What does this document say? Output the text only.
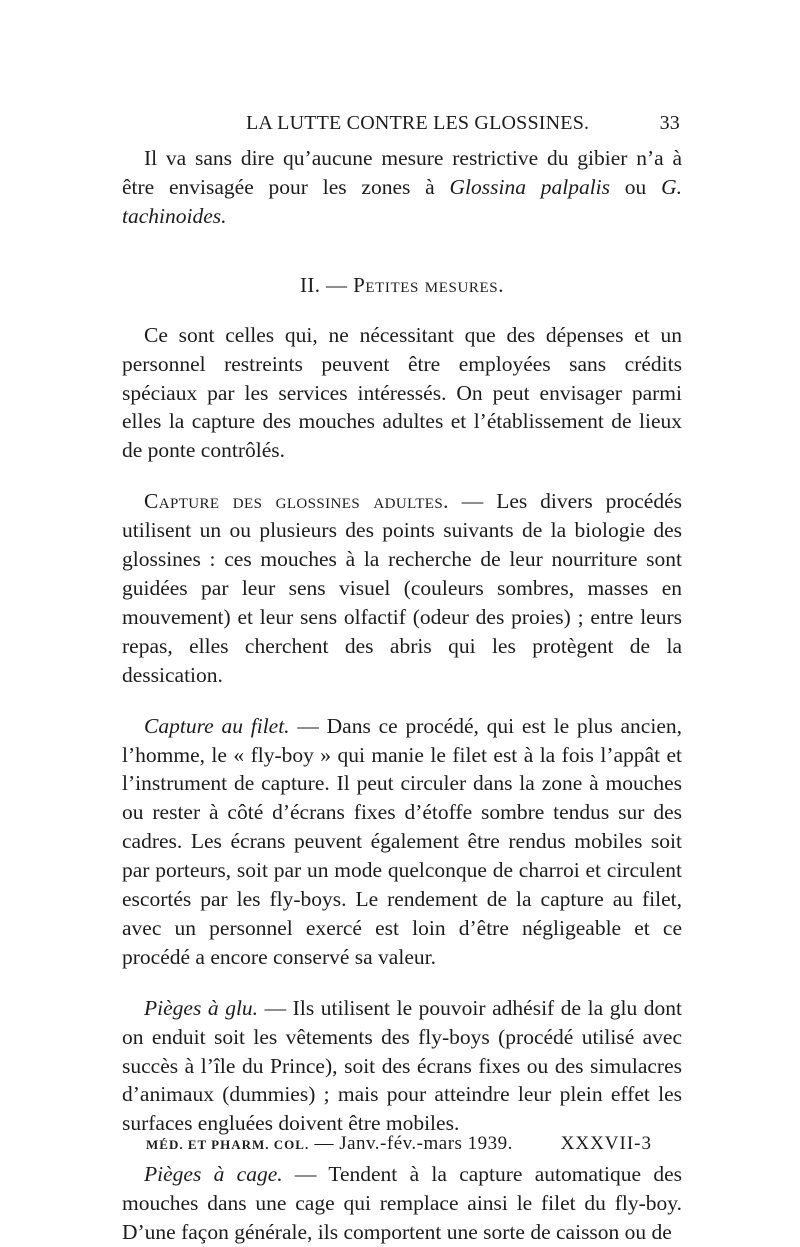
LA LUTTE CONTRE LES GLOSSINES.	33

Il va sans dire qu’aucune mesure restrictive du gibier n’a à être envisagée pour les zones à Glossina palpalis ou G. tachinoides.

II. — Petites mesures.

Ce sont celles qui, ne nécessitant que des dépenses et un personnel restreints peuvent être employées sans crédits spéciaux par les services intéressés. On peut envisager parmi elles la capture des mouches adultes et l’établissement de lieux de ponte contrôlés.

Capture des glossines adultes. — Les divers procédés utilisent un ou plusieurs des points suivants de la biologie des glossines : ces mouches à la recherche de leur nourriture sont guidées par leur sens visuel (couleurs sombres, masses en mouvement) et leur sens olfactif (odeur des proies) ; entre leurs repas, elles cherchent des abris qui les protègent de la dessication.

Capture au filet. — Dans ce procédé, qui est le plus ancien, l’homme, le « fly-boy » qui manie le filet est à la fois l’appât et l’instrument de capture. Il peut circuler dans la zone à mouches ou rester à côté d’écrans fixes d’étoffe sombre tendus sur des cadres. Les écrans peuvent également être rendus mobiles soit par porteurs, soit par un mode quelconque de charroi et circulent escortés par les fly-boys. Le rendement de la capture au filet, avec un personnel exercé est loin d’être négligeable et ce procédé a encore conservé sa valeur.

Pièges à glu. — Ils utilisent le pouvoir adhésif de la glu dont on enduit soit les vêtements des fly-boys (procédé utilisé avec succès à l’île du Prince), soit des écrans fixes ou des simulacres d’animaux (dummies) ; mais pour atteindre leur plein effet les surfaces engluées doivent être mobiles.

Pièges à cage. — Tendent à la capture automatique des mouches dans une cage qui remplace ainsi le filet du fly-boy. D’une façon générale, ils comportent une sorte de caisson ou de

MÉD. ET PHARM. COL. — Janv.-fév.-mars 1939.	XXXVII-3
